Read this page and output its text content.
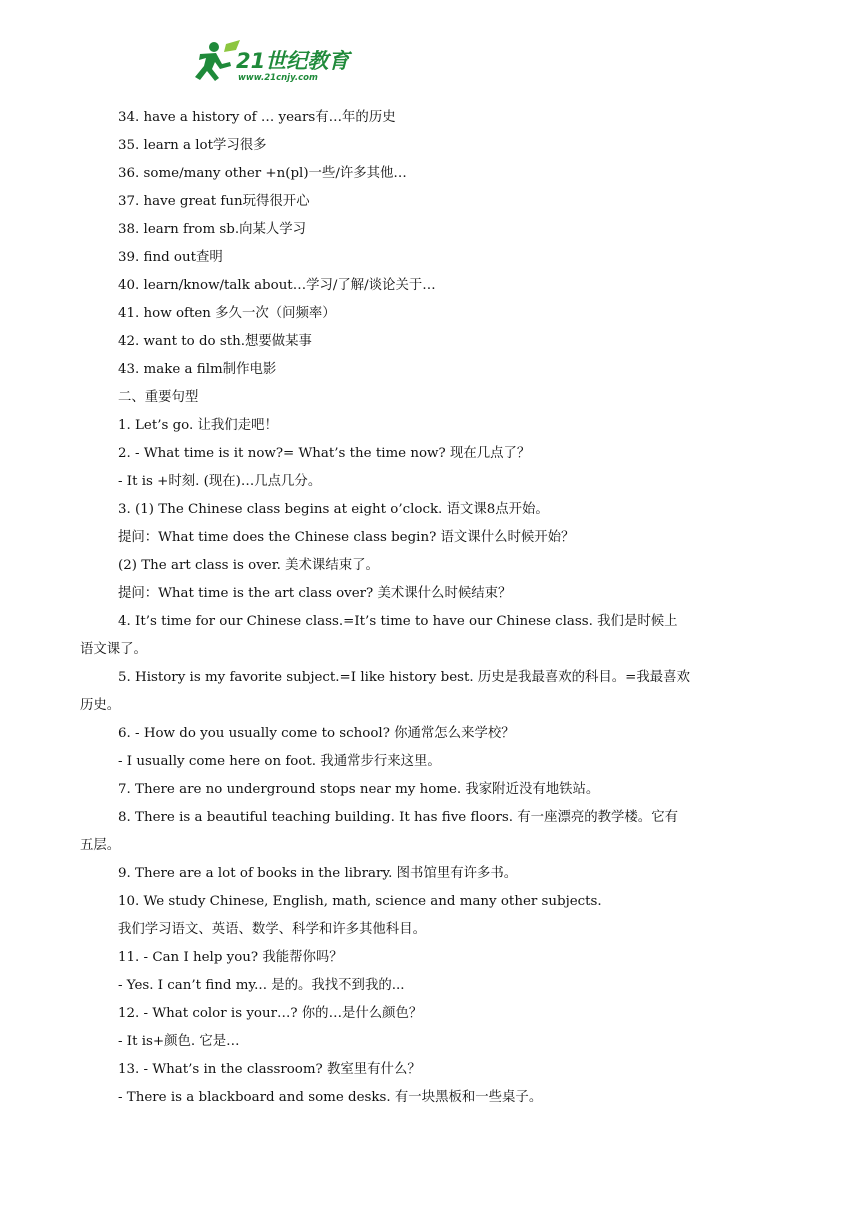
21世纪教育
www.21cnjy.com
34. have a history of … years有…年的历史
35. learn a lot学习很多
36. some/many other +n(pl)一些/许多其他…
37. have great fun玩得很开心
38. learn from sb.向某人学习
39. find out查明
40. learn/know/talk about…学习/了解/谈论关于…
41. how often 多久一次（问频率）
42. want to do sth.想要做某事
43. make a film制作电影
二、重要句型
1. Let’s go. 让我们走吧！
2. - What time is it now?= What’s the time now? 现在几点了？
- It is +时刻. (现在)…几点几分。
3. (1) The Chinese class begins at eight o’clock. 语文课8点开始。
提问：What time does the Chinese class begin? 语文课什么时候开始？
(2) The art class is over. 美术课结束了。
提问：What time is the art class over? 美术课什么时候结束？
4. It’s time for our Chinese class.=It’s time to have our Chinese class. 我们是时候上
语文课了。
5. History is my favorite subject.=I like history best. 历史是我最喜欢的科目。=我最喜欢
历史。
6. - How do you usually come to school? 你通常怎么来学校？
- I usually come here on foot. 我通常步行来这里。
7. There are no underground stops near my home. 我家附近没有地铁站。
8. There is a beautiful teaching building. It has five floors. 有一座漂亮的教学楼。它有
五层。
9. There are a lot of books in the library. 图书馆里有许多书。
10. We study Chinese, English, math, science and many other subjects.
我们学习语文、英语、数学、科学和许多其他科目。
11. - Can I help you? 我能帮你吗？
- Yes. I can’t find my... 是的。我找不到我的...
12. - What color is your…? 你的…是什么颜色？
- It is+颜色. 它是…
13. - What’s in the classroom? 教室里有什么？
- There is a blackboard and some desks. 有一块黑板和一些桌子。
